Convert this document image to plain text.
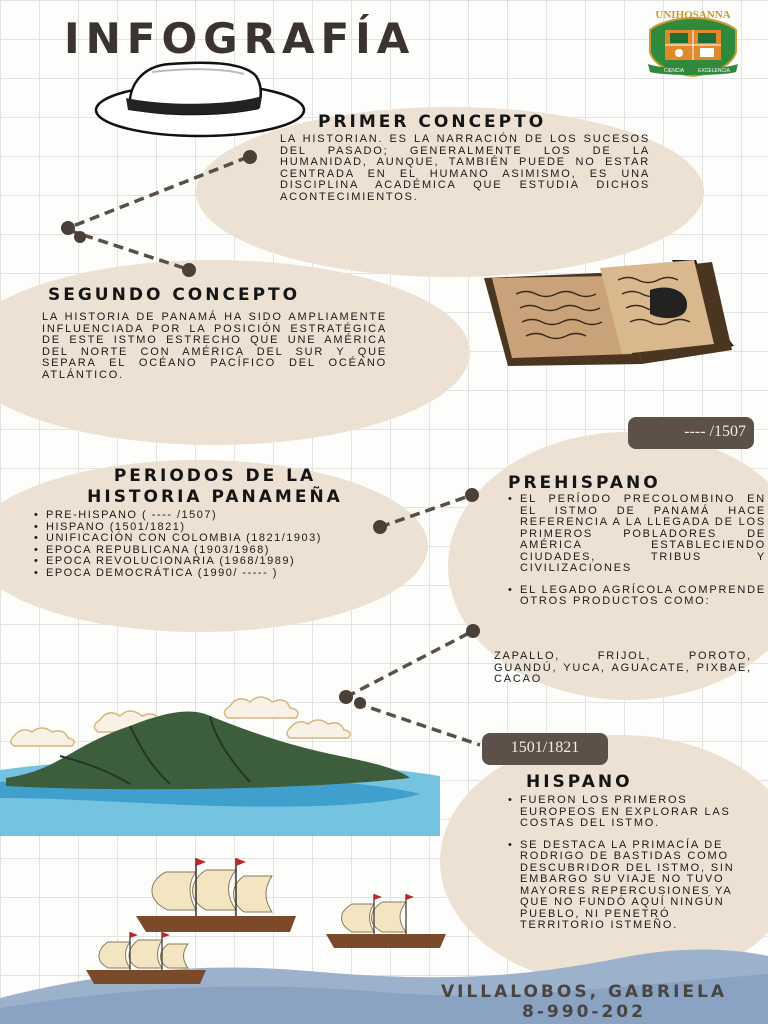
INFOGRAFÍA	UNIHOSANNA
CIENCIA	EXCELENCIA
PRIMER CONCEPTO

LA HISTORIAN. ES LA NARRACIÓN DE LOS SUCESOS DEL PASADO; GENERALMENTE LOS DE LA HUMANIDAD, AUNQUE, TAMBIÉN PUEDE NO ESTAR CENTRADA EN EL HUMANO ASIMISMO, ES UNA DISCIPLINA ACADÉMICA QUE ESTUDIA DICHOS ACONTECIMIENTOS.

SEGUNDO CONCEPTO

LA HISTORIA DE PANAMÁ HA SIDO AMPLIAMENTE INFLUENCIADA POR LA POSICIÓN ESTRATÉGICA DE ESTE ISTMO ESTRECHO QUE UNE AMÉRICA DEL NORTE CON AMÉRICA DEL SUR Y QUE SEPARA EL OCÉANO PACÍFICO DEL OCÉANO ATLÁNTICO.

PERIODOS DE LA
HISTORIA PANAMEÑA
• PRE-HISPANO ( ---- /1507)
• HISPANO (1501/1821)
• UNIFICACIÓN CON COLOMBIA (1821/1903)
• EPOCA REPUBLICANA (1903/1968)
• EPOCA REVOLUCIONARIA (1968/1989)
• EPOCA DEMOCRÁTICA (1990/ ----- )
---- /1507
PREHISPANO
• EL PERÍODO PRECOLOMBINO EN EL ISTMO DE PANAMÁ HACE REFERENCIA A LA LLEGADA DE LOS PRIMEROS POBLADORES DE AMÉRICA ESTABLECIENDO CIUDADES, TRIBUS Y CIVILIZACIONES
• EL LEGADO AGRÍCOLA COMPRENDE OTROS PRODUCTOS COMO:

ZAPALLO, FRIJOL, POROTO, GUANDÚ, YUCA, AGUACATE, PIXBAE, CACAO

1501/1821
HISPANO
• FUERON LOS PRIMEROS EUROPEOS EN EXPLORAR LAS COSTAS DEL ISTMO.
• SE DESTACA LA PRIMACÍA DE RODRIGO DE BASTIDAS COMO DESCUBRIDOR DEL ISTMO, SIN EMBARGO SU VIAJE NO TUVO MAYORES REPERCUSIONES YA QUE NO FUNDÓ AQUÍ NINGÚN PUEBLO, NI PENETRÓ TERRITORIO ISTMEÑO.
VILLALOBOS, GABRIELA
8-990-202
